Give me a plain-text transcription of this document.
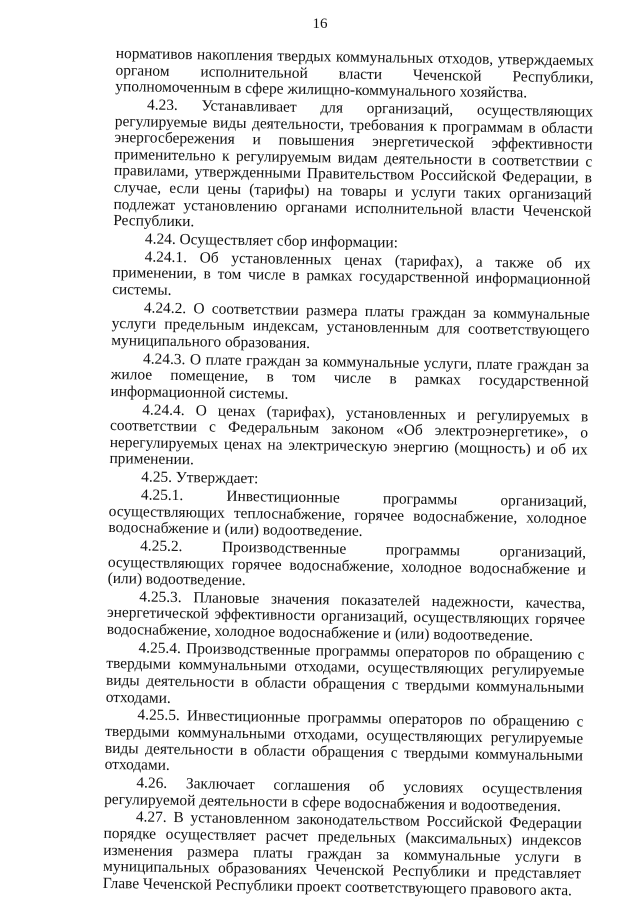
16

нормативов накопления твердых коммунальных отходов, утверждаемых органом исполнительной власти Чеченской Республики, уполномоченным в сфере жилищно-коммунального хозяйства.

4.23. Устанавливает для организаций, осуществляющих регулируемые виды деятельности, требования к программам в области энергосбережения и повышения энергетической эффективности применительно к регулируемым видам деятельности в соответствии с правилами, утвержденными Правительством Российской Федерации, в случае, если цены (тарифы) на товары и услуги таких организаций подлежат установлению органами исполнительной власти Чеченской Республики.

4.24. Осуществляет сбор информации:

4.24.1. Об установленных ценах (тарифах), а также об их применении, в том числе в рамках государственной информационной системы.

4.24.2. О соответствии размера платы граждан за коммунальные услуги предельным индексам, установленным для соответствующего муниципального образования.

4.24.3. О плате граждан за коммунальные услуги, плате граждан за жилое помещение, в том числе в рамках государственной информационной системы.

4.24.4. О ценах (тарифах), установленных и регулируемых в соответствии с Федеральным законом «Об электроэнергетике», о нерегулируемых ценах на электрическую энергию (мощность) и об их применении.

4.25. Утверждает:

4.25.1. Инвестиционные программы организаций, осуществляющих теплоснабжение, горячее водоснабжение, холодное водоснабжение и (или) водоотведение.

4.25.2. Производственные программы организаций, осуществляющих горячее водоснабжение, холодное водоснабжение и (или) водоотведение.

4.25.3. Плановые значения показателей надежности, качества, энергетической эффективности организаций, осуществляющих горячее водоснабжение, холодное водоснабжение и (или) водоотведение.

4.25.4. Производственные программы операторов по обращению с твердыми коммунальными отходами, осуществляющих регулируемые виды деятельности в области обращения с твердыми коммунальными отходами.

4.25.5. Инвестиционные программы операторов по обращению с твердыми коммунальными отходами, осуществляющих регулируемые виды деятельности в области обращения с твердыми коммунальными отходами.

4.26. Заключает соглашения об условиях осуществления регулируемой деятельности в сфере водоснабжения и водоотведения.

4.27. В установленном законодательством Российской Федерации порядке осуществляет расчет предельных (максимальных) индексов изменения размера платы граждан за коммунальные услуги в муниципальных образованиях Чеченской Республики и представляет Главе Чеченской Республики проект соответствующего правового акта.
